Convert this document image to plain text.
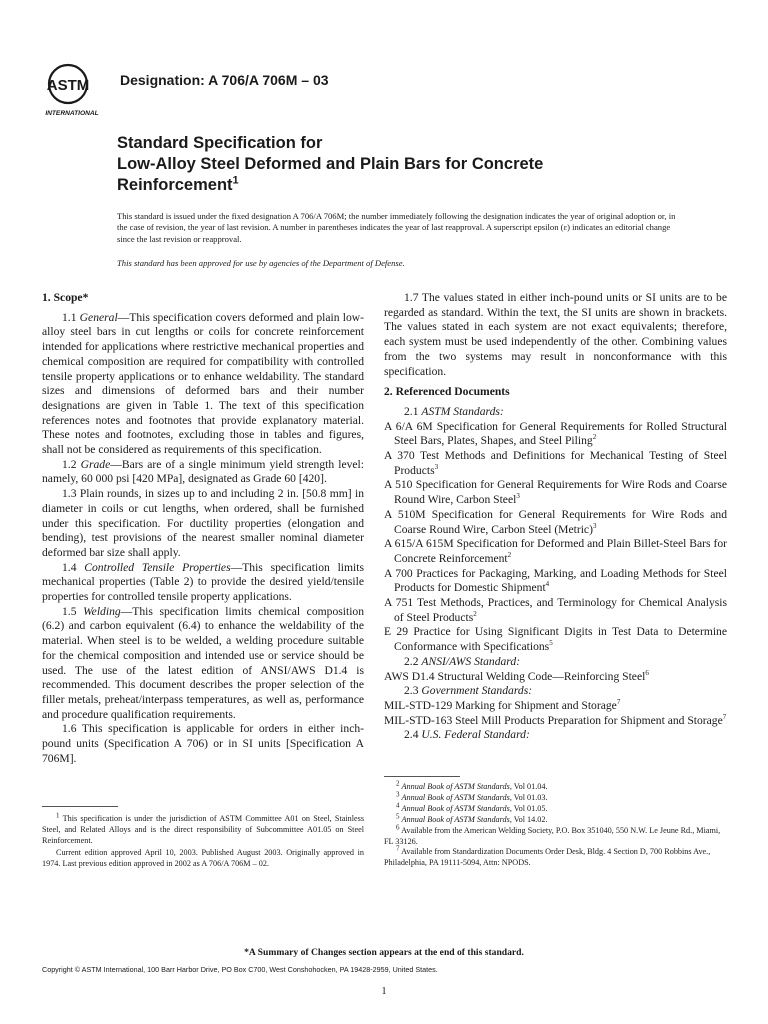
ASTM
INTERNATIONAL
Designation: A 706/A 706M – 03
Standard Specification for
Low-Alloy Steel Deformed and Plain Bars for Concrete
Reinforcement$^1$
This standard is issued under the fixed designation A 706/A 706M; the number immediately following the designation indicates the year of original adoption or, in the case of revision, the year of last revision. A number in parentheses indicates the year of last reapproval. A superscript epsilon (ε) indicates an editorial change since the last revision or reapproval.
This standard has been approved for use by agencies of the Department of Defense.
1. Scope*

1.1 General—This specification covers deformed and plain low-alloy steel bars in cut lengths or coils for concrete reinforcement intended for applications where restrictive mechanical properties and chemical composition are required for compatibility with controlled tensile property applications or to enhance weldability. The standard sizes and dimensions of deformed bars and their number designations are given in Table 1. The text of this specification references notes and footnotes that provide explanatory material. These notes and footnotes, excluding those in tables and figures, shall not be considered as requirements of this specification.

1.2 Grade—Bars are of a single minimum yield strength level: namely, 60 000 psi [420 MPa], designated as Grade 60 [420].

1.3 Plain rounds, in sizes up to and including 2 in. [50.8 mm] in diameter in coils or cut lengths, when ordered, shall be furnished under this specification. For ductility properties (elongation and bending), test provisions of the nearest smaller nominal diameter deformed bar size shall apply.

1.4 Controlled Tensile Properties—This specification limits mechanical properties (Table 2) to provide the desired yield/tensile properties for controlled tensile property applications.

1.5 Welding—This specification limits chemical composition (6.2) and carbon equivalent (6.4) to enhance the weldability of the material. When steel is to be welded, a welding procedure suitable for the chemical composition and intended use or service should be used. The use of the latest edition of ANSI/AWS D1.4 is recommended. This document describes the proper selection of the filler metals, preheat/interpass temperatures, as well as, performance and procedure qualification requirements.

1.6 This specification is applicable for orders in either inch-pound units (Specification A 706) or in SI units [Specification A 706M].

1.7 The values stated in either inch-pound units or SI units are to be regarded as standard. Within the text, the SI units are shown in brackets. The values stated in each system are not exact equivalents; therefore, each system must be used independently of the other. Combining values from the two systems may result in nonconformance with this specification.

2. Referenced Documents
2.1 ASTM Standards:
A 6/A 6M Specification for General Requirements for Rolled Structural Steel Bars, Plates, Shapes, and Steel Piling$^2$
A 370 Test Methods and Definitions for Mechanical Testing of Steel Products$^3$
A 510 Specification for General Requirements for Wire Rods and Coarse Round Wire, Carbon Steel$^3$
A 510M Specification for General Requirements for Wire Rods and Coarse Round Wire, Carbon Steel (Metric)$^3$
A 615/A 615M Specification for Deformed and Plain Billet-Steel Bars for Concrete Reinforcement$^2$
A 700 Practices for Packaging, Marking, and Loading Methods for Steel Products for Domestic Shipment$^4$
A 751 Test Methods, Practices, and Terminology for Chemical Analysis of Steel Products$^2$
E 29 Practice for Using Significant Digits in Test Data to Determine Conformance with Specifications$^5$
2.2 ANSI/AWS Standard:
AWS D1.4 Structural Welding Code—Reinforcing Steel$^6$
2.3 Government Standards:
MIL-STD-129 Marking for Shipment and Storage$^7$
MIL-STD-163 Steel Mill Products Preparation for Shipment and Storage$^7$
2.4 U.S. Federal Standard:

$^1$ This specification is under the jurisdiction of ASTM Committee A01 on Steel, Stainless Steel, and Related Alloys and is the direct responsibility of Subcommittee A01.05 on Steel Reinforcement.

Current edition approved April 10, 2003. Published August 2003. Originally approved in 1974. Last previous edition approved in 2002 as A 706/A 706M – 02.

$^2$ Annual Book of ASTM Standards, Vol 01.04.

$^3$ Annual Book of ASTM Standards, Vol 01.03.

$^4$ Annual Book of ASTM Standards, Vol 01.05.

$^5$ Annual Book of ASTM Standards, Vol 14.02.

$^6$ Available from the American Welding Society, P.O. Box 351040, 550 N.W. Le Jeune Rd., Miami, FL 33126.

$^7$ Available from Standardization Documents Order Desk, Bldg. 4 Section D, 700 Robbins Ave., Philadelphia, PA 19111-5094, Attn: NPODS.

*A Summary of Changes section appears at the end of this standard.
Copyright © ASTM International, 100 Barr Harbor Drive, PO Box C700, West Conshohocken, PA 19428-2959, United States.
1
